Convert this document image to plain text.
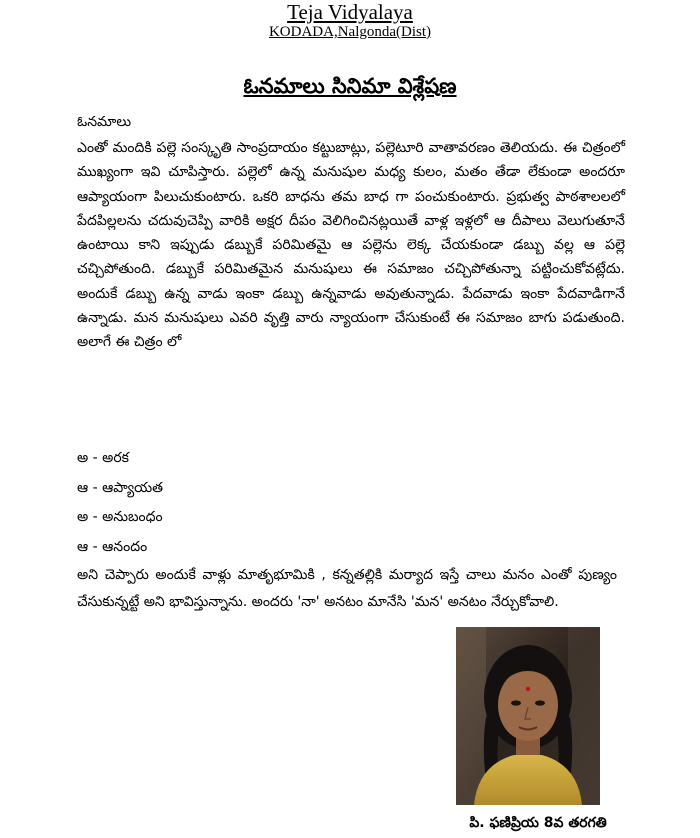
Teja Vidyalaya
KODADA,Nalgonda(Dist)
ఓనమాలు సినిమా విశ్లేషణ
ఓనమాలు

ఎంతో మందికి పల్లె సంస్కృతి సాంప్రదాయం కట్టుబాట్లు, పల్లెటూరి వాతావరణం తెలియదు. ఈ చిత్రంలో ముఖ్యంగా ఇవి చూపిస్తారు. పల్లెలో ఉన్న మనుషుల మధ్య కులం, మతం తేడా లేకుండా అందరూ ఆప్యాయంగా పిలుచుకుంటారు. ఒకరి బాధను తమ బాధ గా పంచుకుంటారు. ప్రభుత్వ పాఠశాలలలో పేదపిల్లలను చదువుచెప్పి వారికి అక్షర దీపం వెలిగించినట్లయితే వాళ్ల ఇళ్లలో ఆ దీపాలు వెలుగుతూనే ఉంటాయి కాని ఇప్పుడు డబ్బుకే పరిమితమై ఆ పల్లెను లెక్క చేయకుండా డబ్బు వల్ల ఆ పల్లె చచ్చిపోతుంది. డబ్బుకే పరిమితమైన మనుషులు ఈ సమాజం చచ్చిపోతున్నా పట్టించుకోవట్లేదు. అందుకే డబ్బు ఉన్న వాడు ఇంకా డబ్బు ఉన్నవాడు అవుతున్నాడు. పేదవాడు ఇంకా పేదవాడిగానే ఉన్నాడు. మన మనుషులు ఎవరి వృత్తి వారు న్యాయంగా చేసుకుంటే ఈ సమాజం బాగు పడుతుంది. అలాగే ఈ చిత్రం లో

అ - అరక
ఆ - ఆప్యాయత
అ - అనుబంధం
ఆ - ఆనందం

అని చెప్పారు అందుకే వాళ్లు మాతృభూమికి , కన్నతల్లికి మర్యాద ఇస్తే చాలు మనం ఎంతో పుణ్యం చేసుకున్నట్టే అని భావిస్తున్నాను. అందరు 'నా' అనటం మానేసి 'మన' అనటం నేర్చుకోవాలి.

పి. ఫణిప్రియ 8వ తరగతి
